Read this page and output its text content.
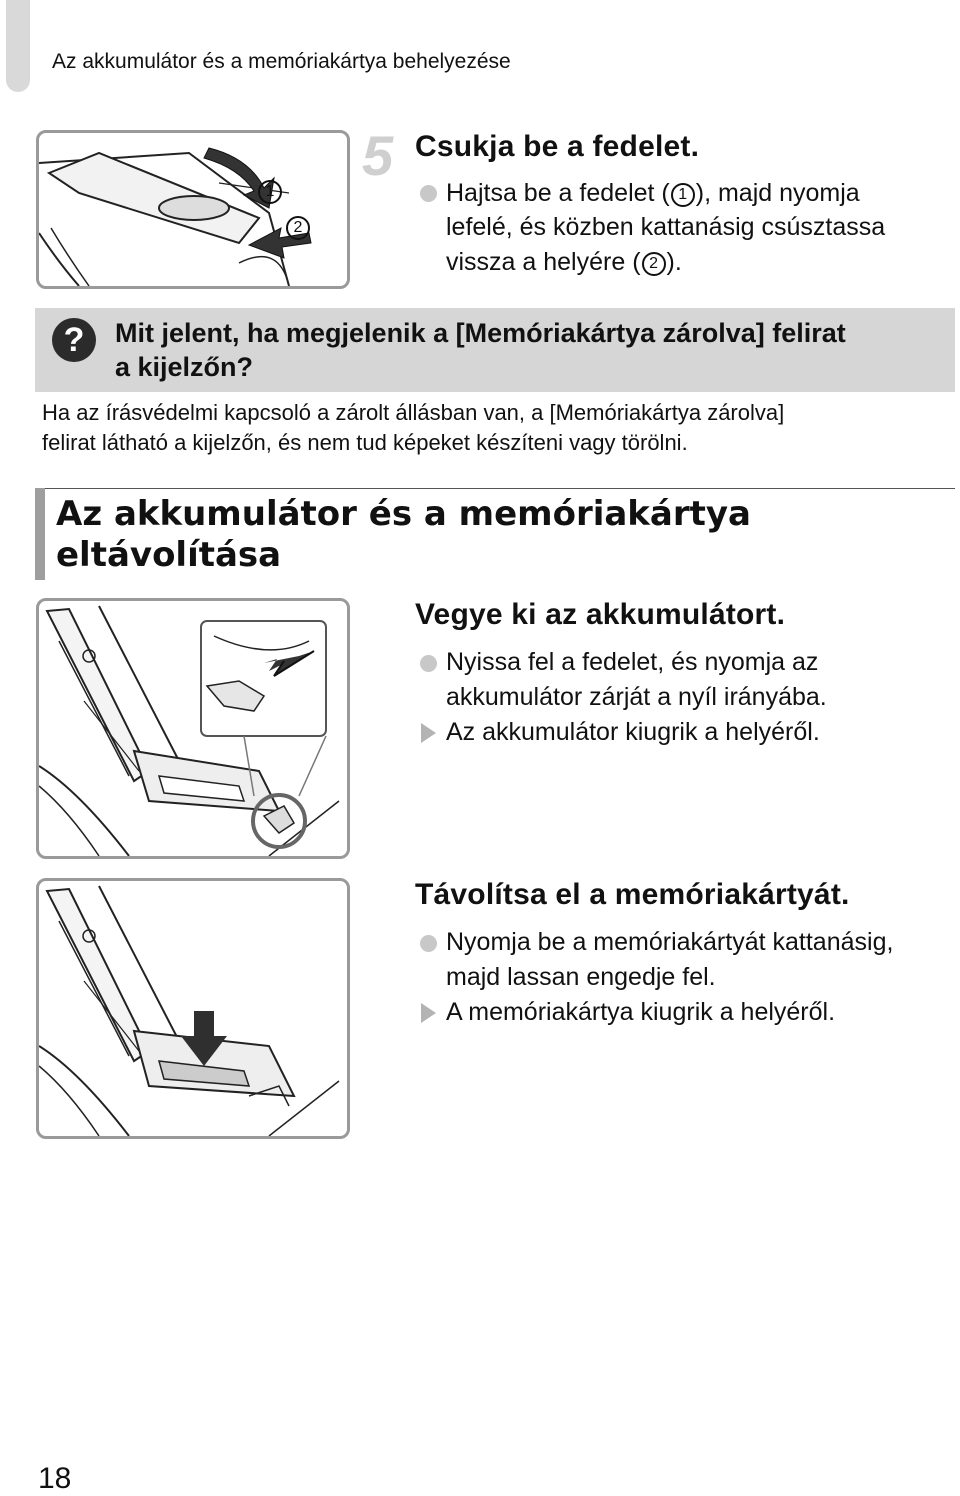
Az akkumulátor és a memóriakártya behelyezése
1
2
5 Csukja be a fedelet.
Hajtsa be a fedelet ( 1 ), majd nyomja
lefelé, és közben kattanásig csúsztassa
vissza a helyére ( 2 ).
?	Mit jelent, ha megjelenik a [Memóriakártya zárolva] felirat
a kijelzőn?
Ha az írásvédelmi kapcsoló a zárolt állásban van, a [Memóriakártya zárolva]
felirat látható a kijelzőn, és nem tud képeket készíteni vagy törölni.
Az akkumulátor és a memóriakártya
eltávolítása
Vegye ki az akkumulátort.
Nyissa fel a fedelet, és nyomja az
akkumulátor zárját a nyíl irányába.
Az akkumulátor kiugrik a helyéről.
Távolítsa el a memóriakártyát.
Nyomja be a memóriakártyát kattanásig,
majd lassan engedje fel.
A memóriakártya kiugrik a helyéről.
18
